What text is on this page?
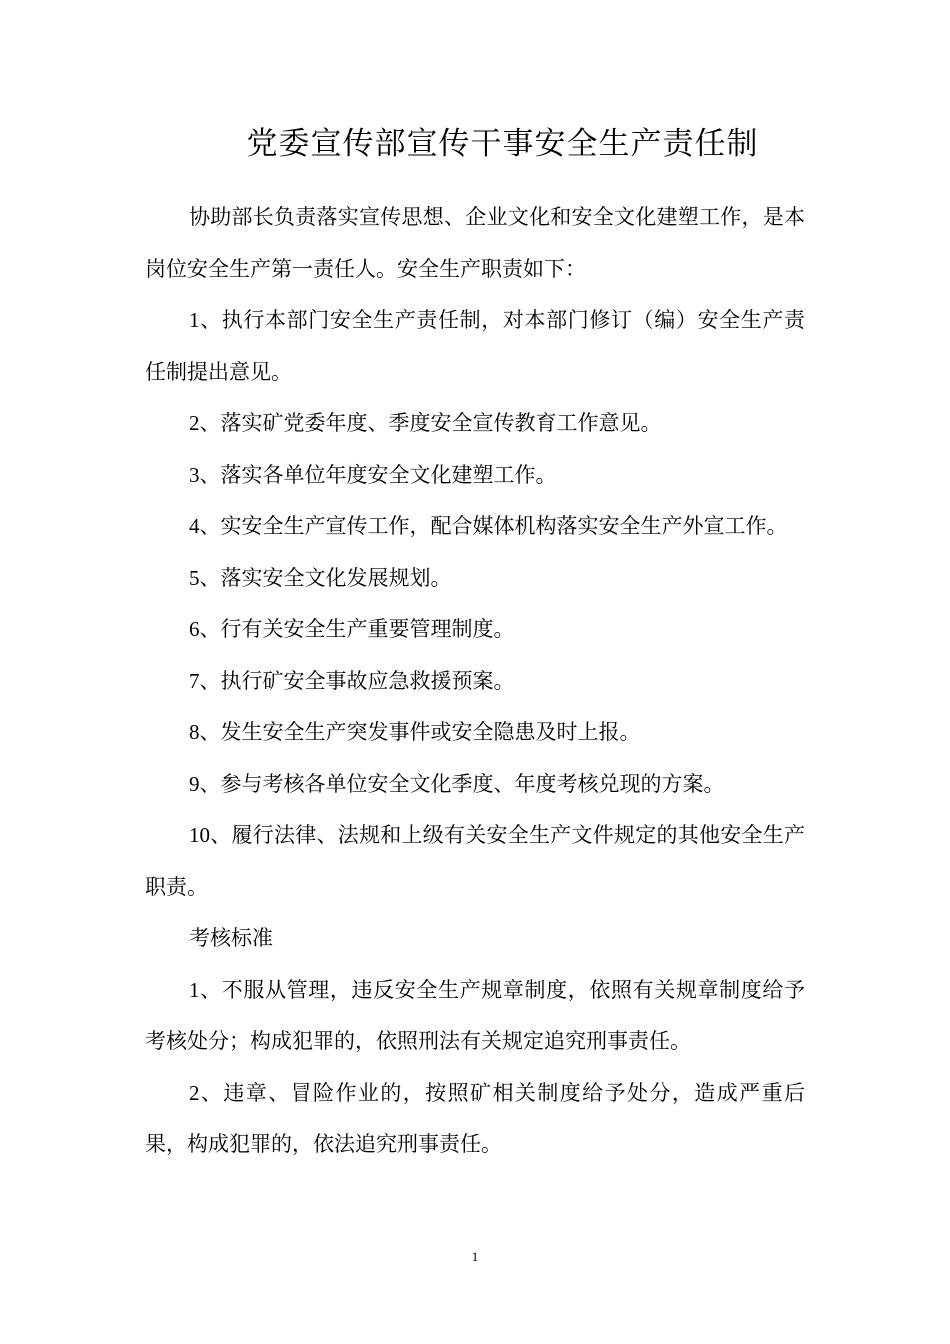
党委宣传部宣传干事安全生产责任制

协助部长负责落实宣传思想、企业文化和安全文化建塑工作，是本岗位安全生产第一责任人。安全生产职责如下：

1、执行本部门安全生产责任制，对本部门修订（编）安全生产责任制提出意见。

2、落实矿党委年度、季度安全宣传教育工作意见。

3、落实各单位年度安全文化建塑工作。

4、实安全生产宣传工作，配合媒体机构落实安全生产外宣工作。

5、落实安全文化发展规划。

6、行有关安全生产重要管理制度。

7、执行矿安全事故应急救援预案。

8、发生安全生产突发事件或安全隐患及时上报。

9、参与考核各单位安全文化季度、年度考核兑现的方案。

10、履行法律、法规和上级有关安全生产文件规定的其他安全生产职责。

考核标准

1、不服从管理，违反安全生产规章制度，依照有关规章制度给予考核处分；构成犯罪的，依照刑法有关规定追究刑事责任。

2、违章、冒险作业的，按照矿相关制度给予处分，造成严重后果，构成犯罪的，依法追究刑事责任。

1
